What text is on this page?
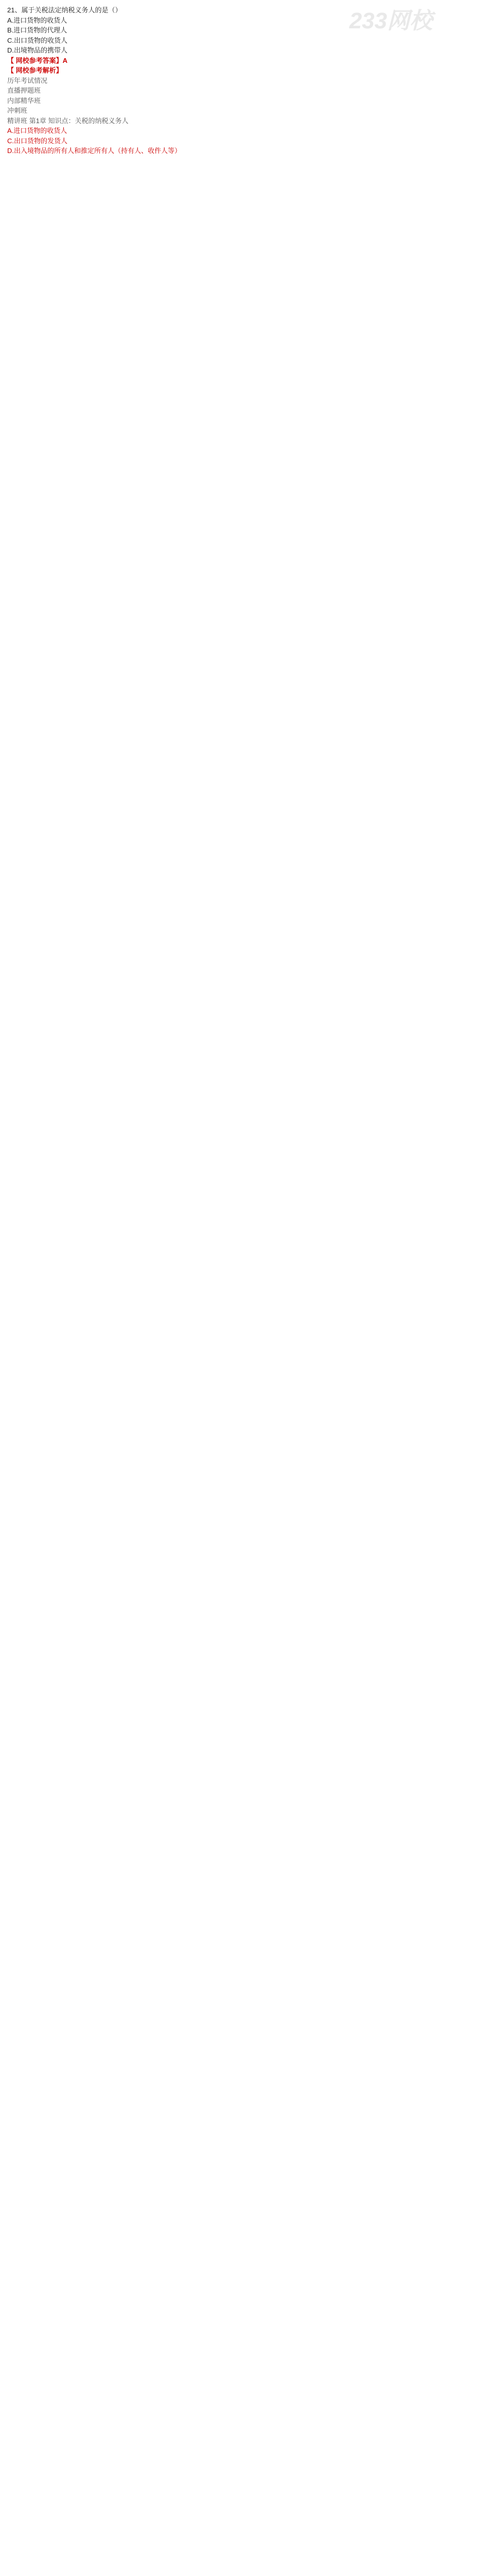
233网校
21、属于关税法定纳税义务人的是（）
A.进口货物的收货人
B.进口货物的代理人
C.出口货物的收货人
D.出境物品的携带人
【 网校参考答案】A
【 网校参考解析】
历年考试情况
直播押题班
内部精华班
冲刺班
精讲班 第1章 知识点：关税的纳税义务人
A.进口货物的收货人
C.出口货物的发货人
D.出入境物品的所有人和推定所有人（持有人、收件人等）
